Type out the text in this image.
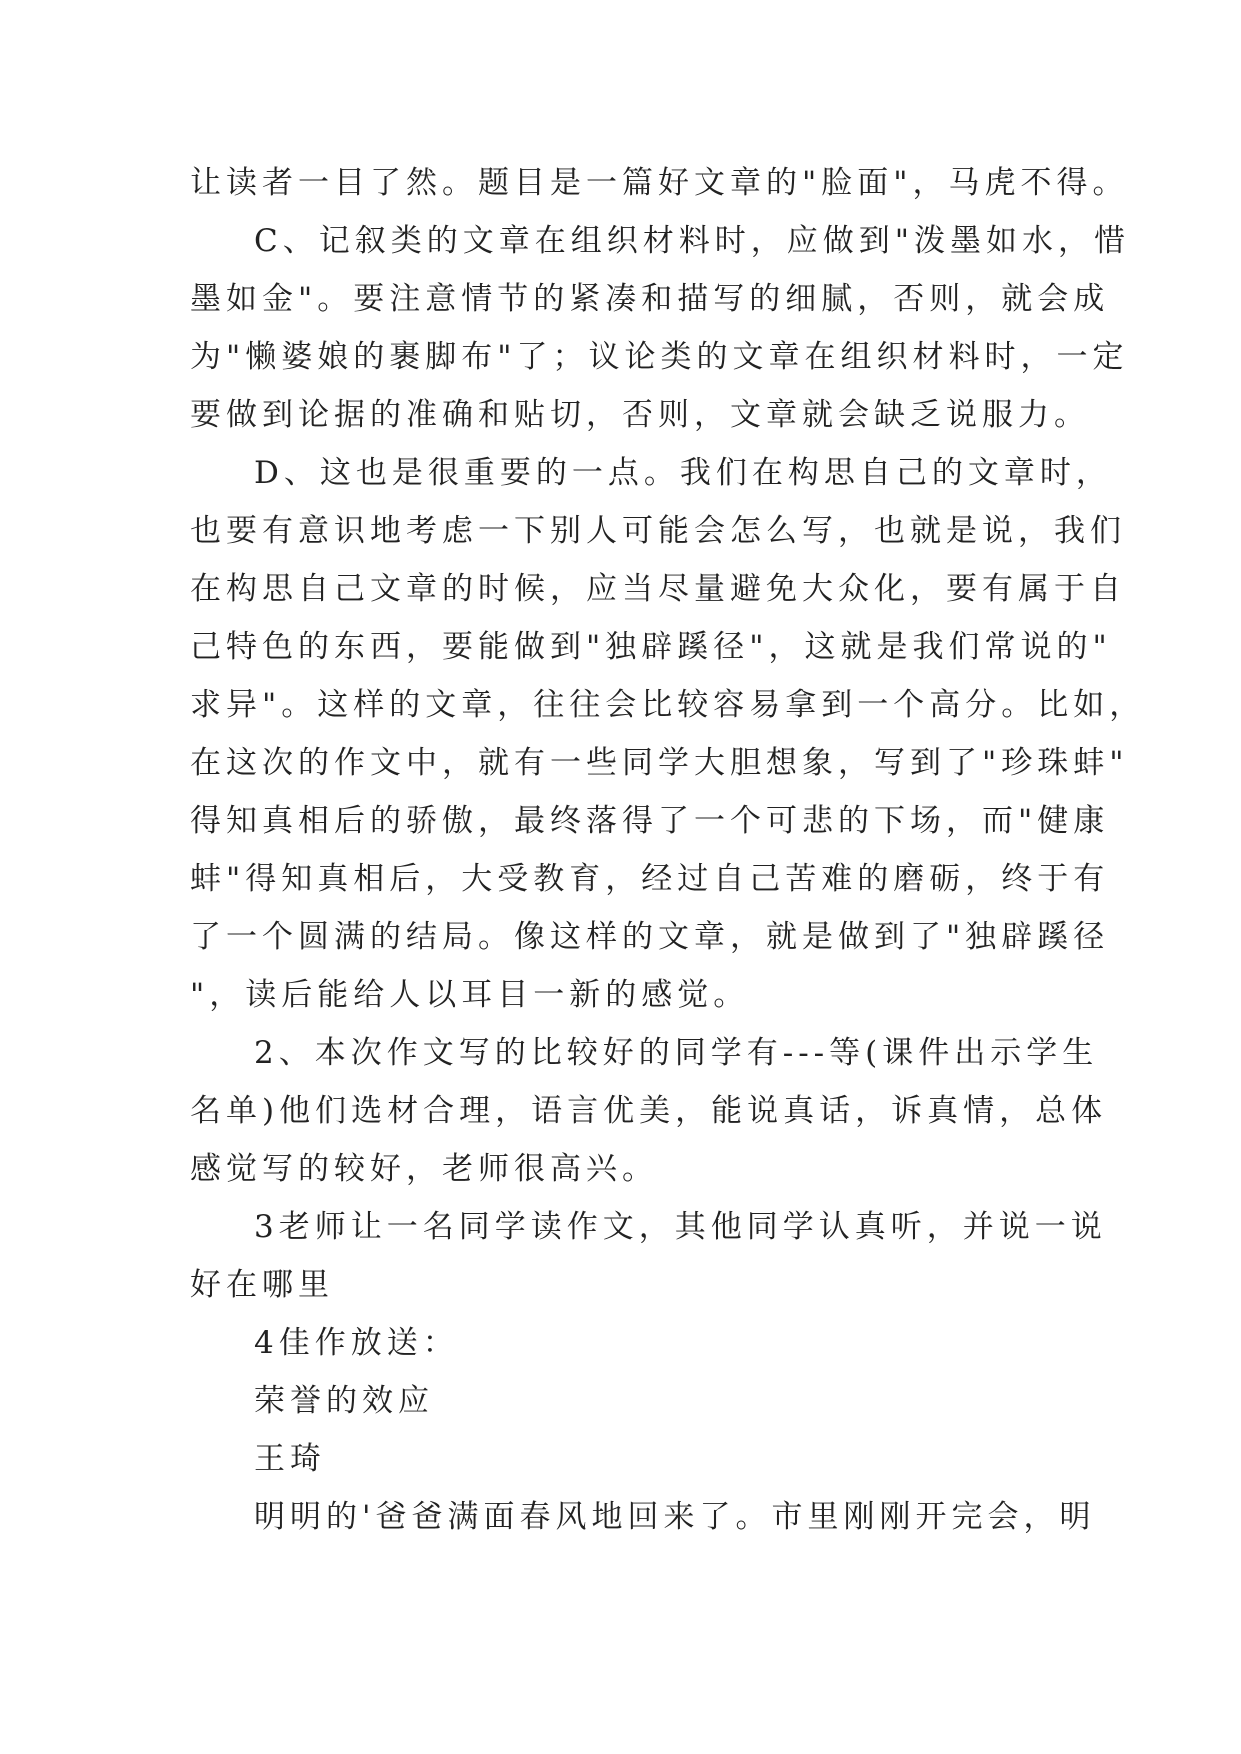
让读者一目了然。题目是一篇好文章的"脸面"，马虎不得。
C、记叙类的文章在组织材料时，应做到"泼墨如水，惜
墨如金"。要注意情节的紧凑和描写的细腻，否则，就会成
为"懒婆娘的裹脚布"了；议论类的文章在组织材料时，一定
要做到论据的准确和贴切，否则，文章就会缺乏说服力。
D、这也是很重要的一点。我们在构思自己的文章时，
也要有意识地考虑一下别人可能会怎么写，也就是说，我们
在构思自己文章的时候，应当尽量避免大众化，要有属于自
己特色的东西，要能做到"独辟蹊径"，这就是我们常说的"
求异"。这样的文章，往往会比较容易拿到一个高分。比如，
在这次的作文中，就有一些同学大胆想象，写到了"珍珠蚌"
得知真相后的骄傲，最终落得了一个可悲的下场，而"健康
蚌"得知真相后，大受教育，经过自己苦难的磨砺，终于有
了一个圆满的结局。像这样的文章，就是做到了"独辟蹊径
"，读后能给人以耳目一新的感觉。
2、本次作文写的比较好的同学有---等(课件出示学生
名单)他们选材合理，语言优美，能说真话，诉真情，总体
感觉写的较好，老师很高兴。
3老师让一名同学读作文，其他同学认真听，并说一说
好在哪里
4佳作放送：
荣誉的效应
王琦
明明的'爸爸满面春风地回来了。市里刚刚开完会，明
